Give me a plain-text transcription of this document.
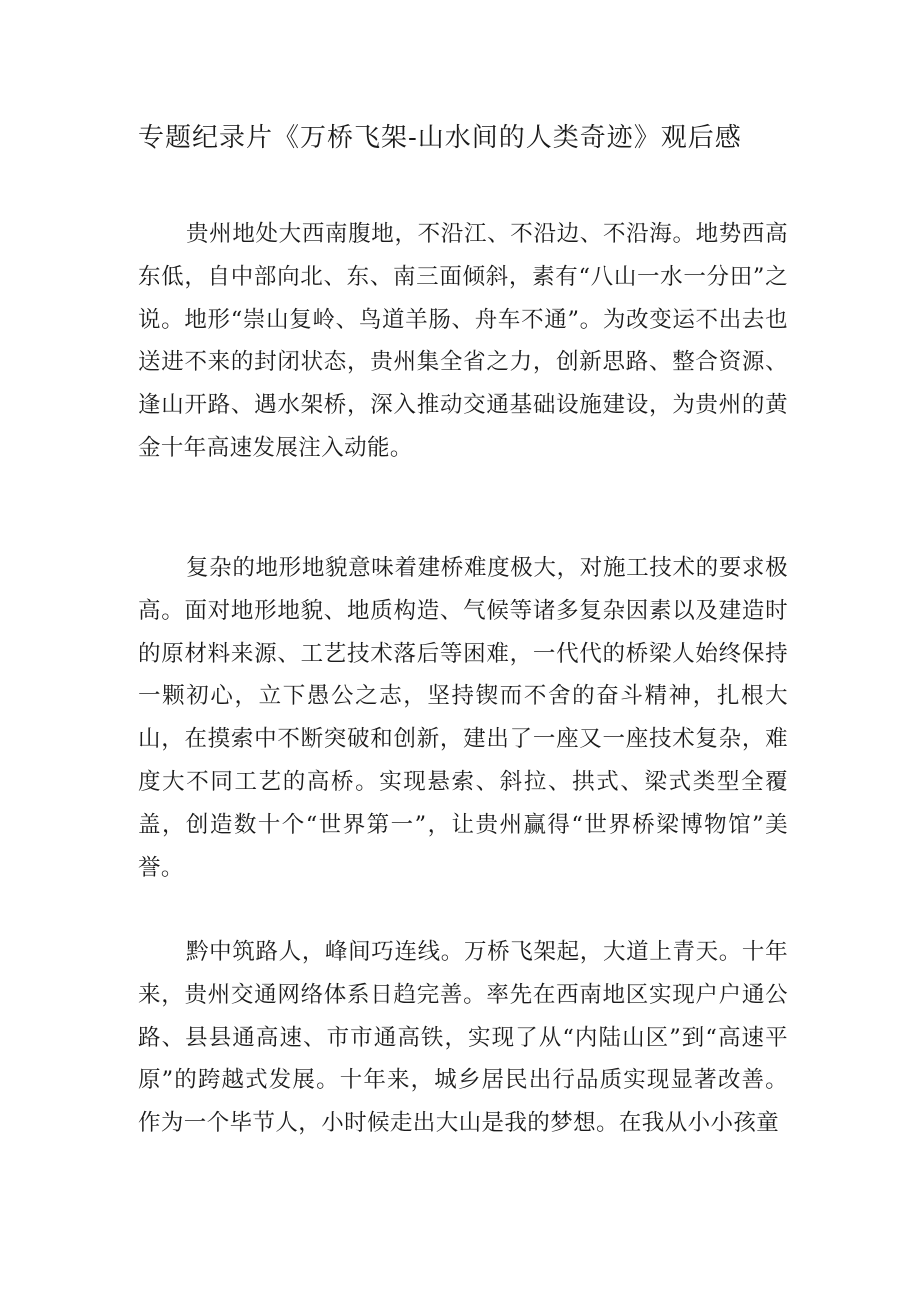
专题纪录片《万桥飞架-山水间的人类奇迹》观后感

贵州地处大西南腹地，不沿江、不沿边、不沿海。地势西高东低，自中部向北、东、南三面倾斜，素有“八山一水一分田”之说。地形“崇山复岭、鸟道羊肠、舟车不通”。为改变运不出去也送进不来的封闭状态，贵州集全省之力，创新思路、整合资源、逢山开路、遇水架桥，深入推动交通基础设施建设，为贵州的黄金十年高速发展注入动能。

复杂的地形地貌意味着建桥难度极大，对施工技术的要求极高。面对地形地貌、地质构造、气候等诸多复杂因素以及建造时的原材料来源、工艺技术落后等困难，一代代的桥梁人始终保持一颗初心，立下愚公之志，坚持锲而不舍的奋斗精神，扎根大山，在摸索中不断突破和创新，建出了一座又一座技术复杂，难度大不同工艺的高桥。实现悬索、斜拉、拱式、梁式类型全覆盖，创造数十个“世界第一”，让贵州赢得“世界桥梁博物馆”美誉。

黔中筑路人，峰间巧连线。万桥飞架起，大道上青天。十年来，贵州交通网络体系日趋完善。率先在西南地区实现户户通公路、县县通高速、市市通高铁，实现了从“内陆山区”到“高速平原”的跨越式发展。十年来，城乡居民出行品质实现显著改善。作为一个毕节人，小时候走出大山是我的梦想。在我从小小孩童
